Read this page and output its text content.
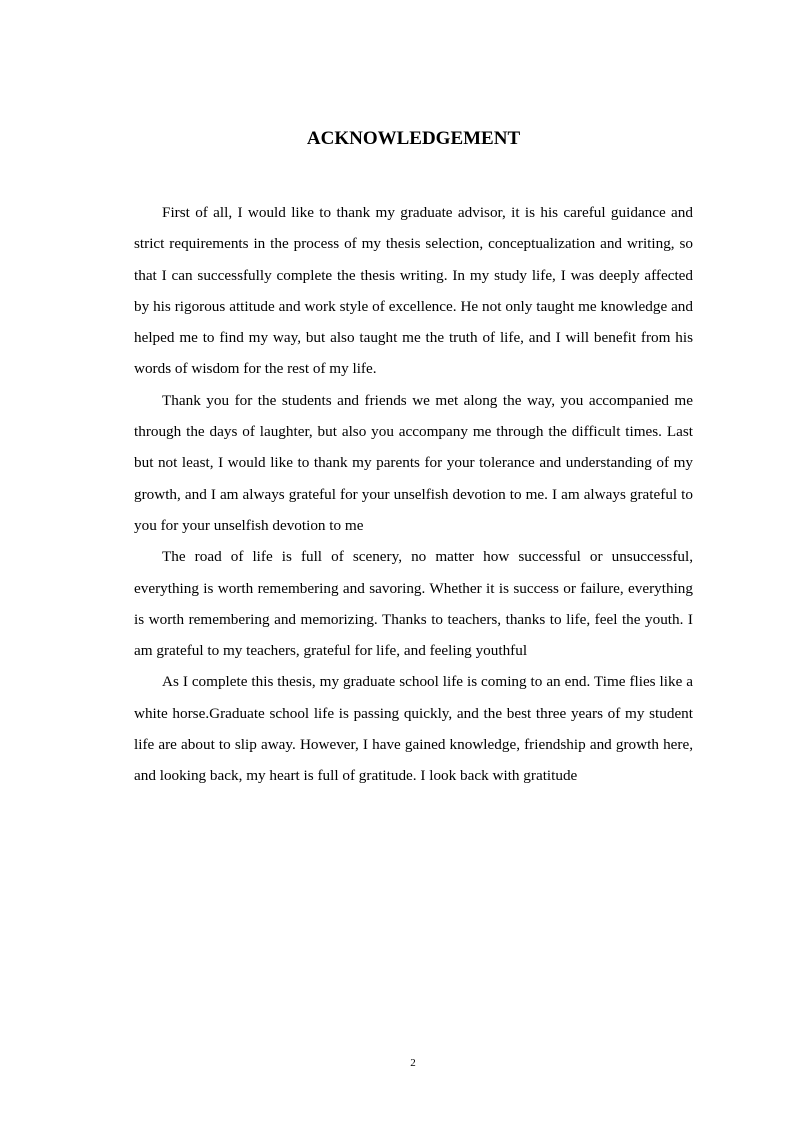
ACKNOWLEDGEMENT

First of all, I would like to thank my graduate advisor, it is his careful guidance and strict requirements in the process of my thesis selection, conceptualization and writing, so that I can successfully complete the thesis writing. In my study life, I was deeply affected by his rigorous attitude and work style of excellence. He not only taught me knowledge and helped me to find my way, but also taught me the truth of life, and I will benefit from his words of wisdom for the rest of my life.

Thank you for the students and friends we met along the way, you accompanied me through the days of laughter, but also you accompany me through the difficult times. Last but not least, I would like to thank my parents for your tolerance and understanding of my growth, and I am always grateful for your unselfish devotion to me. I am always grateful to you for your unselfish devotion to me

The road of life is full of scenery, no matter how successful or unsuccessful, everything is worth remembering and savoring. Whether it is success or failure, everything is worth remembering and memorizing. Thanks to teachers, thanks to life, feel the youth. I am grateful to my teachers, grateful for life, and feeling youthful

As I complete this thesis, my graduate school life is coming to an end. Time flies like a white horse.Graduate school life is passing quickly, and the best three years of my student life are about to slip away. However, I have gained knowledge, friendship and growth here, and looking back, my heart is full of gratitude. I look back with gratitude

2
